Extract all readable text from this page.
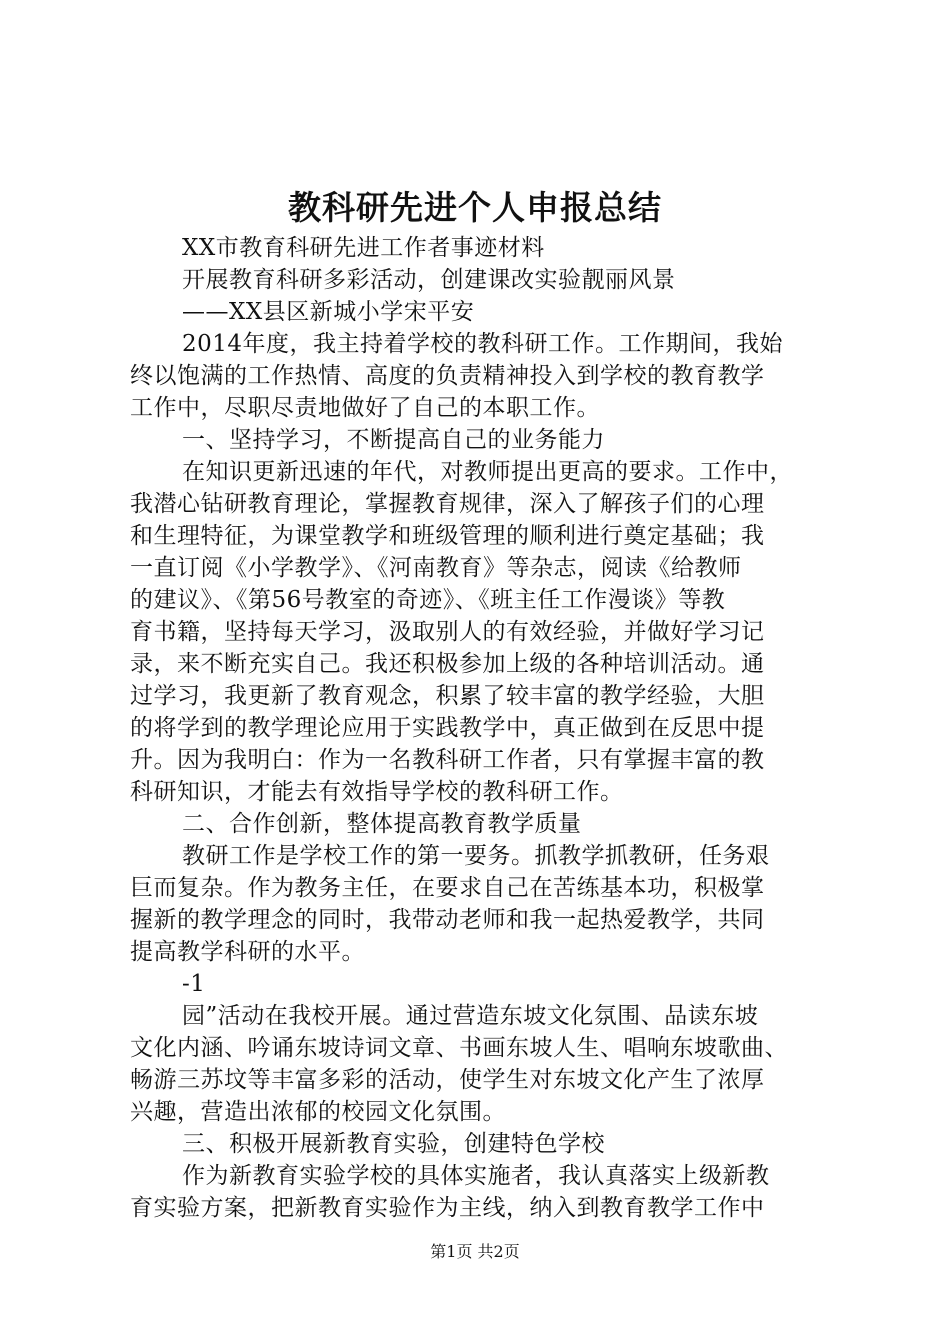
教科研先进个人申报总结
XX市教育科研先进工作者事迹材料
开展教育科研多彩活动，创建课改实验靓丽风景
——XX县区新城小学宋平安
2014年度，我主持着学校的教科研工作。工作期间，我始
终以饱满的工作热情、高度的负责精神投入到学校的教育教学
工作中，尽职尽责地做好了自己的本职工作。
一、坚持学习，不断提高自己的业务能力
在知识更新迅速的年代，对教师提出更高的要求。工作中，
我潜心钻研教育理论，掌握教育规律，深入了解孩子们的心理
和生理特征，为课堂教学和班级管理的顺利进行奠定基础；我
一直订阅《小学教学》、《河南教育》等杂志，阅读《给教师
的建议》、《第56号教室的奇迹》、《班主任工作漫谈》等教
育书籍，坚持每天学习，汲取别人的有效经验，并做好学习记
录，来不断充实自己。我还积极参加上级的各种培训活动。通
过学习，我更新了教育观念，积累了较丰富的教学经验，大胆
的将学到的教学理论应用于实践教学中，真正做到在反思中提
升。因为我明白：作为一名教科研工作者，只有掌握丰富的教
科研知识，才能去有效指导学校的教科研工作。
二、合作创新，整体提高教育教学质量
教研工作是学校工作的第一要务。抓教学抓教研，任务艰
巨而复杂。作为教务主任，在要求自己在苦练基本功，积极掌
握新的教学理念的同时，我带动老师和我一起热爱教学，共同
提高教学科研的水平。
-1
园”活动在我校开展。通过营造东坡文化氛围、品读东坡
文化内涵、吟诵东坡诗词文章、书画东坡人生、唱响东坡歌曲、
畅游三苏坟等丰富多彩的活动，使学生对东坡文化产生了浓厚
兴趣，营造出浓郁的校园文化氛围。
三、积极开展新教育实验，创建特色学校
作为新教育实验学校的具体实施者，我认真落实上级新教
育实验方案，把新教育实验作为主线，纳入到教育教学工作中
第1页 共2页
